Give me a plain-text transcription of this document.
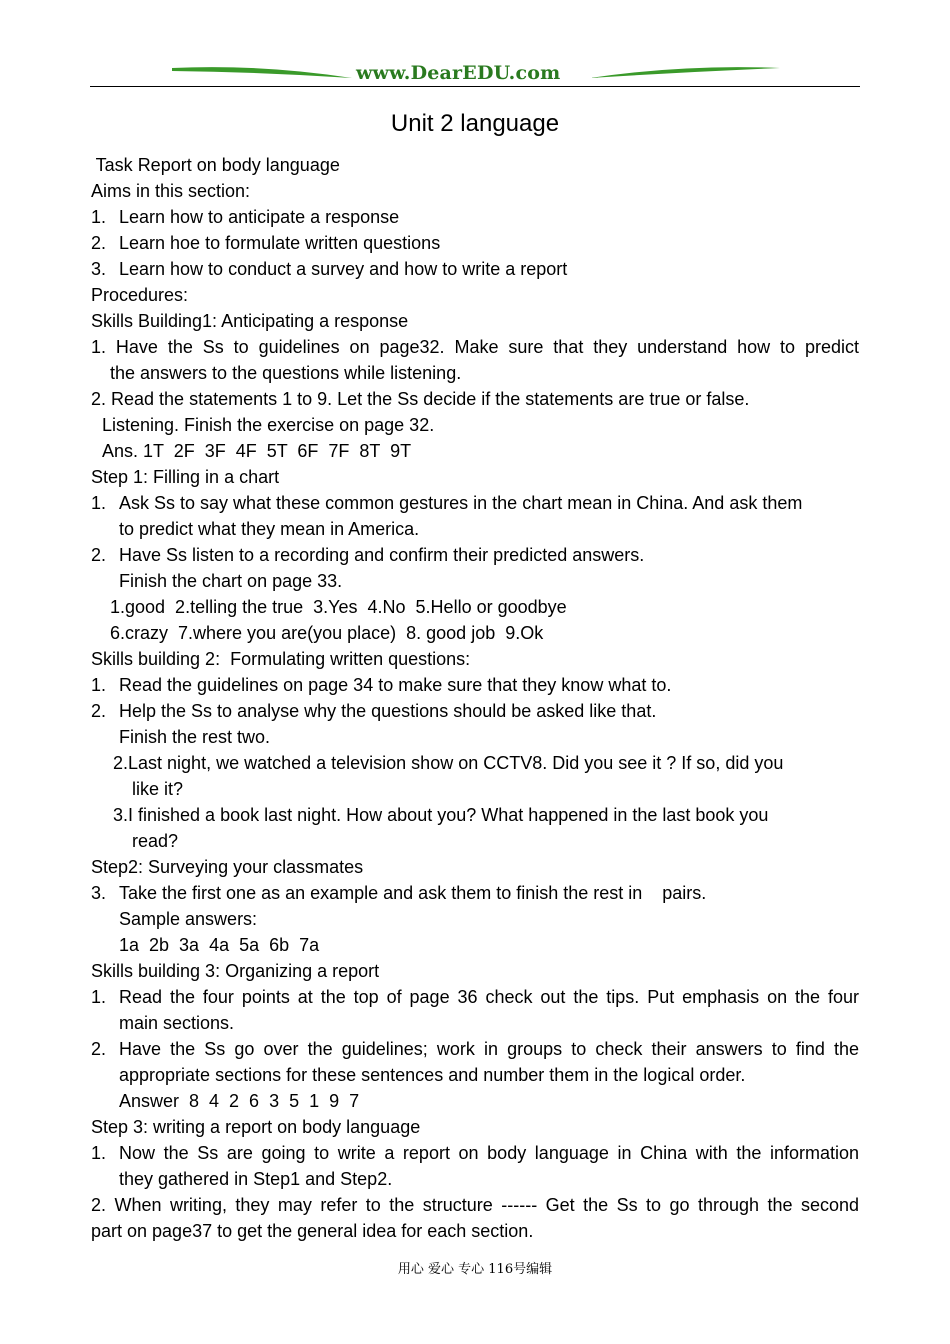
www.DearEDU.com
Unit 2 language
Task Report on body language
Aims in this section:
1. Learn how to anticipate a response
2. Learn hoe to formulate written questions
3. Learn how to conduct a survey and how to write a report
Procedures:
Skills Building1: Anticipating a response
1. Have the Ss to guidelines on page32. Make sure that they understand how to predict
the answers to the questions while listening.
2. Read the statements 1 to 9. Let the Ss decide if the statements are true or false.
Listening. Finish the exercise on page 32.
Ans. 1T  2F  3F  4F  5T  6F  7F  8T  9T
Step 1: Filling in a chart
1. Ask Ss to say what these common gestures in the chart mean in China. And ask them
to predict what they mean in America.
2. Have Ss listen to a recording and confirm their predicted answers.
Finish the chart on page 33.
1.good  2.telling the true  3.Yes  4.No  5.Hello or goodbye
6.crazy  7.where you are(you place)  8. good job  9.Ok
Skills building 2:  Formulating written questions:
1. Read the guidelines on page 34 to make sure that they know what to.
2. Help the Ss to analyse why the questions should be asked like that.
Finish the rest two.
2.Last night, we watched a television show on CCTV8. Did you see it ? If so, did you
like it?
3.I finished a book last night. How about you? What happened in the last book you
read?
Step2: Surveying your classmates
3. Take the first one as an example and ask them to finish the rest in    pairs.
Sample answers:
1a  2b  3a  4a  5a  6b  7a
Skills building 3: Organizing a report
1. Read the four points at the top of page 36 check out the tips. Put emphasis on the four
main sections.
2. Have the Ss go over the guidelines; work in groups to check their answers to find the
appropriate sections for these sentences and number them in the logical order.
Answer  8  4  2  6  3  5  1  9  7
Step 3: writing a report on body language
1. Now the Ss are going to write a report on body language in China with the information
they gathered in Step1 and Step2.
2. When writing, they may refer to the structure ------ Get the Ss to go through the second
part on page37 to get the general idea for each section.
用心 爱心 专心 116号编辑
